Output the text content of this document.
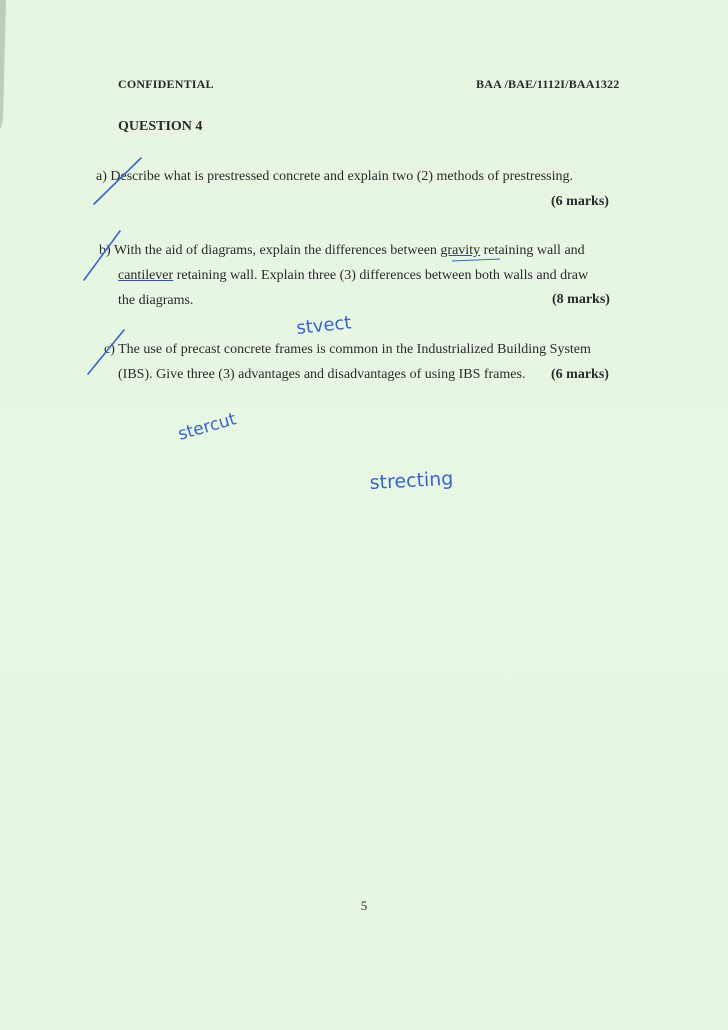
CONFIDENTIAL	BAA /BAE/1112I/BAA1322
QUESTION 4
a) Describe what is prestressed concrete and explain two (2) methods of prestressing.
(6 marks)
b) With the aid of diagrams, explain the differences between gravity retaining wall and
cantilever retaining wall. Explain three (3) differences between both walls and draw
the diagrams.	(8 marks)
c) The use of precast concrete frames is common in the Industrialized Building System
(IBS). Give three (3) advantages and disadvantages of using IBS frames. (6 marks)
5
stvect
stercut
strecting
